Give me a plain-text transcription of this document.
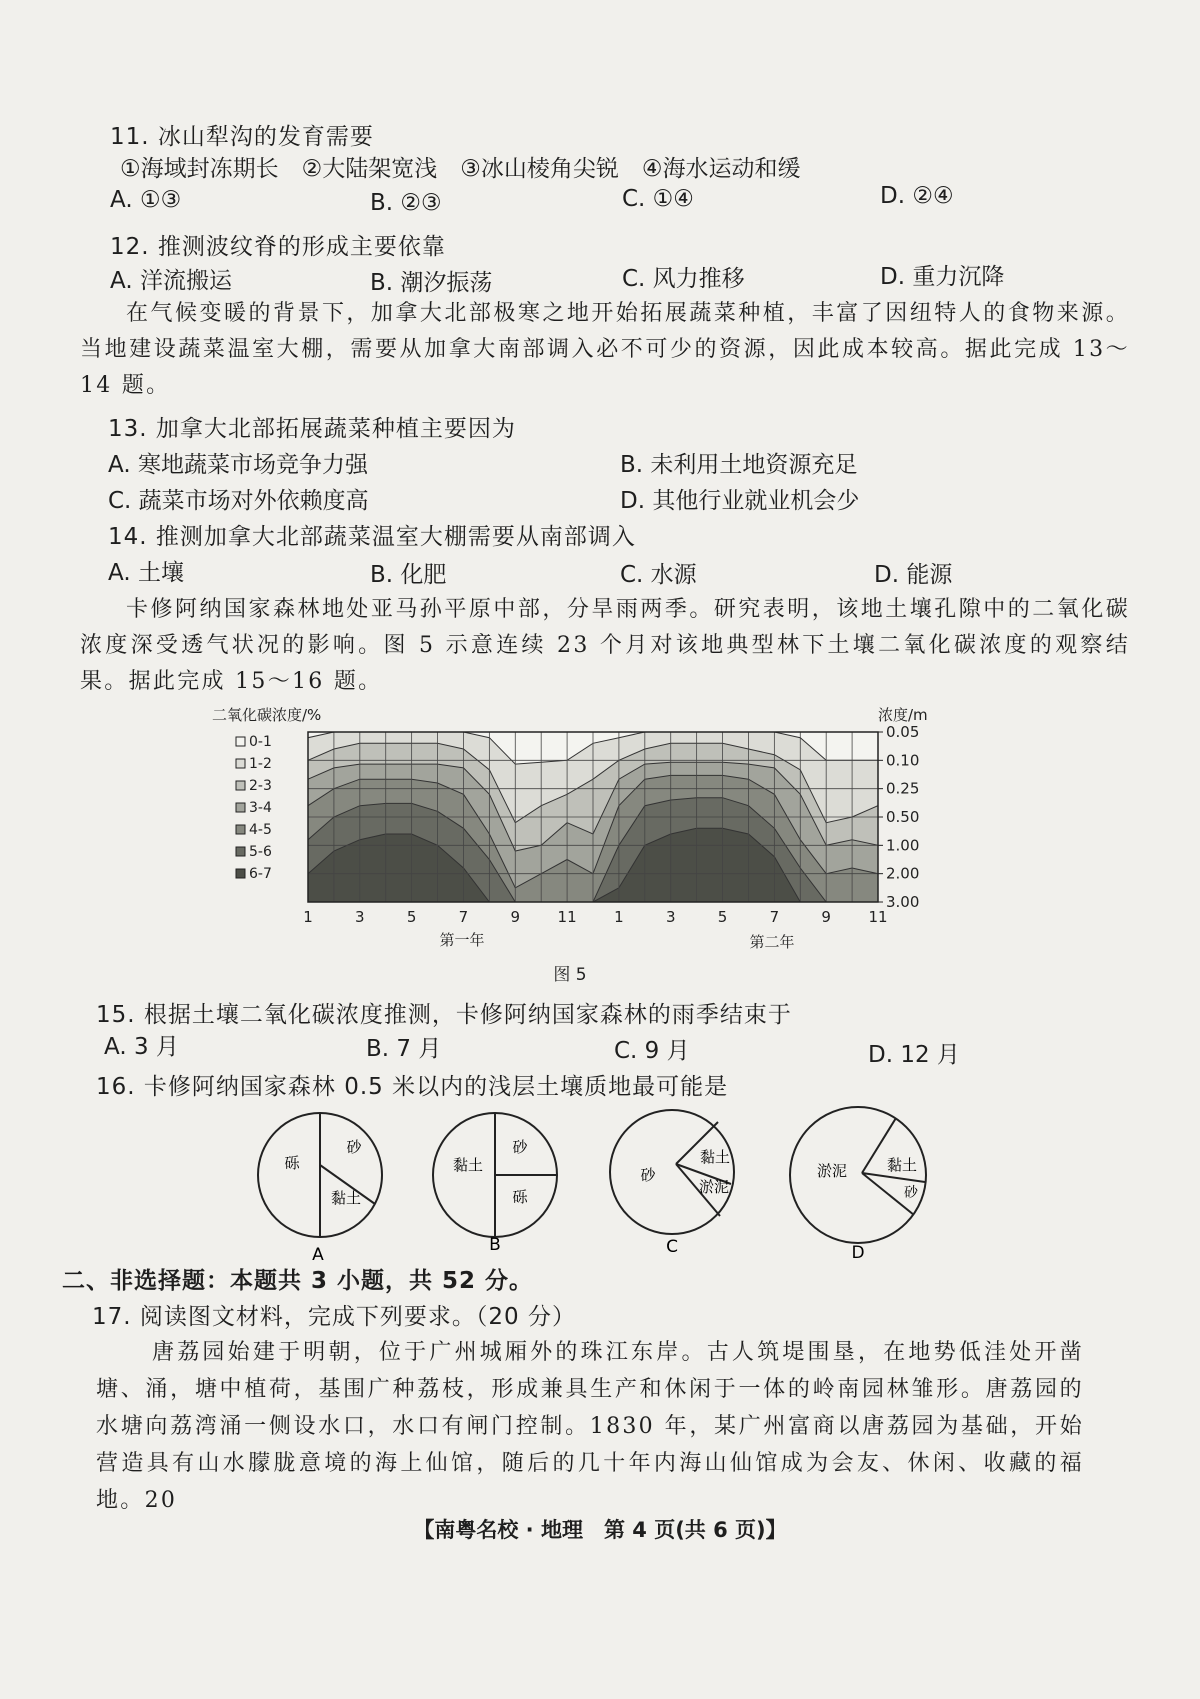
11. 冰山犁沟的发育需要
①海域封冻期长　②大陆架宽浅　③冰山棱角尖锐　④海水运动和缓
A. ①③	B. ②③	C. ①④	D. ②④
12. 推测波纹脊的形成主要依靠
A. 洋流搬运	B. 潮汐振荡	C. 风力推移	D. 重力沉降
在气候变暖的背景下，加拿大北部极寒之地开始拓展蔬菜种植，丰富了因纽特人的食物来源。当地建设蔬菜温室大棚，需要从加拿大南部调入必不可少的资源，因此成本较高。据此完成 13～14 题。
13. 加拿大北部拓展蔬菜种植主要因为
A. 寒地蔬菜市场竞争力强	B. 未利用土地资源充足
C. 蔬菜市场对外依赖度高	D. 其他行业就业机会少
14. 推测加拿大北部蔬菜温室大棚需要从南部调入
A. 土壤	B. 化肥	C. 水源	D. 能源
卡修阿纳国家森林地处亚马孙平原中部，分旱雨两季。研究表明，该地土壤孔隙中的二氧化碳浓度深受透气状况的影响。图 5 示意连续 23 个月对该地典型林下土壤二氧化碳浓度的观察结果。据此完成 15～16 题。
二氧化碳浓度/%	浓度/m
0-1
1-2
2-3
3-4
4-5
5-6
6-7
1	3	5	7	9 11 1	3	5	7	9 11
0.05
0.10
0.25
0.50
1.00
2.00
3.00
第一年	第二年
图 5
15. 根据土壤二氧化碳浓度推测，卡修阿纳国家森林的雨季结束于
A. 3 月	B. 7 月	C. 9 月	D. 12 月
16. 卡修阿纳国家森林 0.5 米以内的浅层土壤质地最可能是
砾
砂
黏土
A
黏土
砂
砾
B
砂
黏土
淤泥
C
淤泥	黏土
砂
D
二、非选择题：本题共 3 小题，共 52 分。
17. 阅读图文材料，完成下列要求。（20 分）
唐荔园始建于明朝，位于广州城厢外的珠江东岸。古人筑堤围垦，在地势低洼处开凿塘、涌，塘中植荷，基围广种荔枝，形成兼具生产和休闲于一体的岭南园林雏形。唐荔园的水塘向荔湾涌一侧设水口，水口有闸门控制。1830 年，某广州富商以唐荔园为基础，开始营造具有山水朦胧意境的海上仙馆，随后的几十年内海山仙馆成为会友、休闲、收藏的福地。20
【南粤名校 · 地理　第 4 页(共 6 页)】
